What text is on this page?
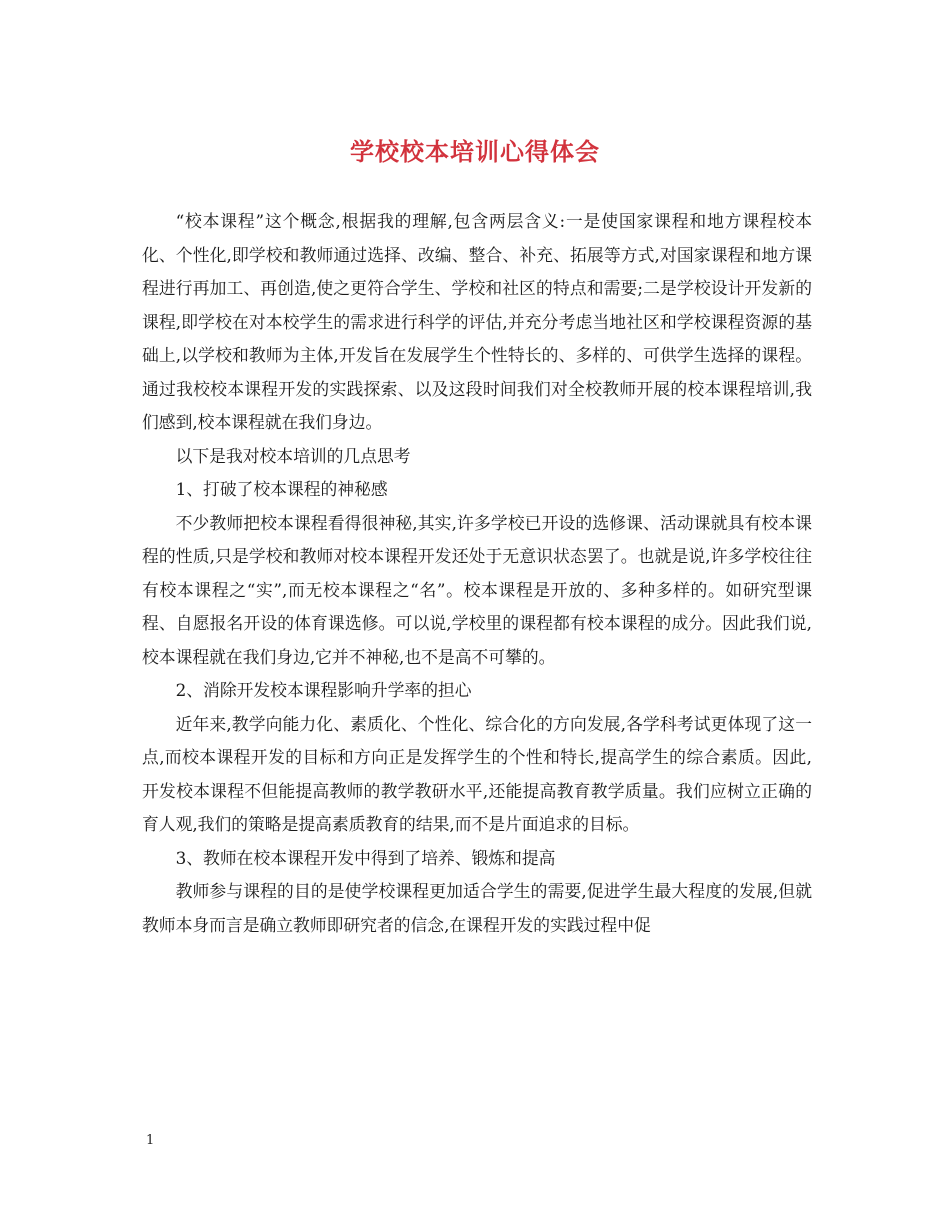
学校校本培训心得体会

“校本课程”这个概念,根据我的理解,包含两层含义:一是使国家课程和地方课程校本化、个性化,即学校和教师通过选择、改编、整合、补充、拓展等方式,对国家课程和地方课程进行再加工、再创造,使之更符合学生、学校和社区的特点和需要;二是学校设计开发新的课程,即学校在对本校学生的需求进行科学的评估,并充分考虑当地社区和学校课程资源的基础上,以学校和教师为主体,开发旨在发展学生个性特长的、多样的、可供学生选择的课程。通过我校校本课程开发的实践探索、以及这段时间我们对全校教师开展的校本课程培训,我们感到,校本课程就在我们身边。

以下是我对校本培训的几点思考

1、打破了校本课程的神秘感

不少教师把校本课程看得很神秘,其实,许多学校已开设的选修课、活动课就具有校本课程的性质,只是学校和教师对校本课程开发还处于无意识状态罢了。也就是说,许多学校往往有校本课程之“实”,而无校本课程之“名”。校本课程是开放的、多种多样的。如研究型课程、自愿报名开设的体育课选修。可以说,学校里的课程都有校本课程的成分。因此我们说,校本课程就在我们身边,它并不神秘,也不是高不可攀的。

2、消除开发校本课程影响升学率的担心

近年来,教学向能力化、素质化、个性化、综合化的方向发展,各学科考试更体现了这一点,而校本课程开发的目标和方向正是发挥学生的个性和特长,提高学生的综合素质。因此,开发校本课程不但能提高教师的教学教研水平,还能提高教育教学质量。我们应树立正确的育人观,我们的策略是提高素质教育的结果,而不是片面追求的目标。

3、教师在校本课程开发中得到了培养、锻炼和提高

教师参与课程的目的是使学校课程更加适合学生的需要,促进学生最大程度的发展,但就教师本身而言是确立教师即研究者的信念,在课程开发的实践过程中促

1
